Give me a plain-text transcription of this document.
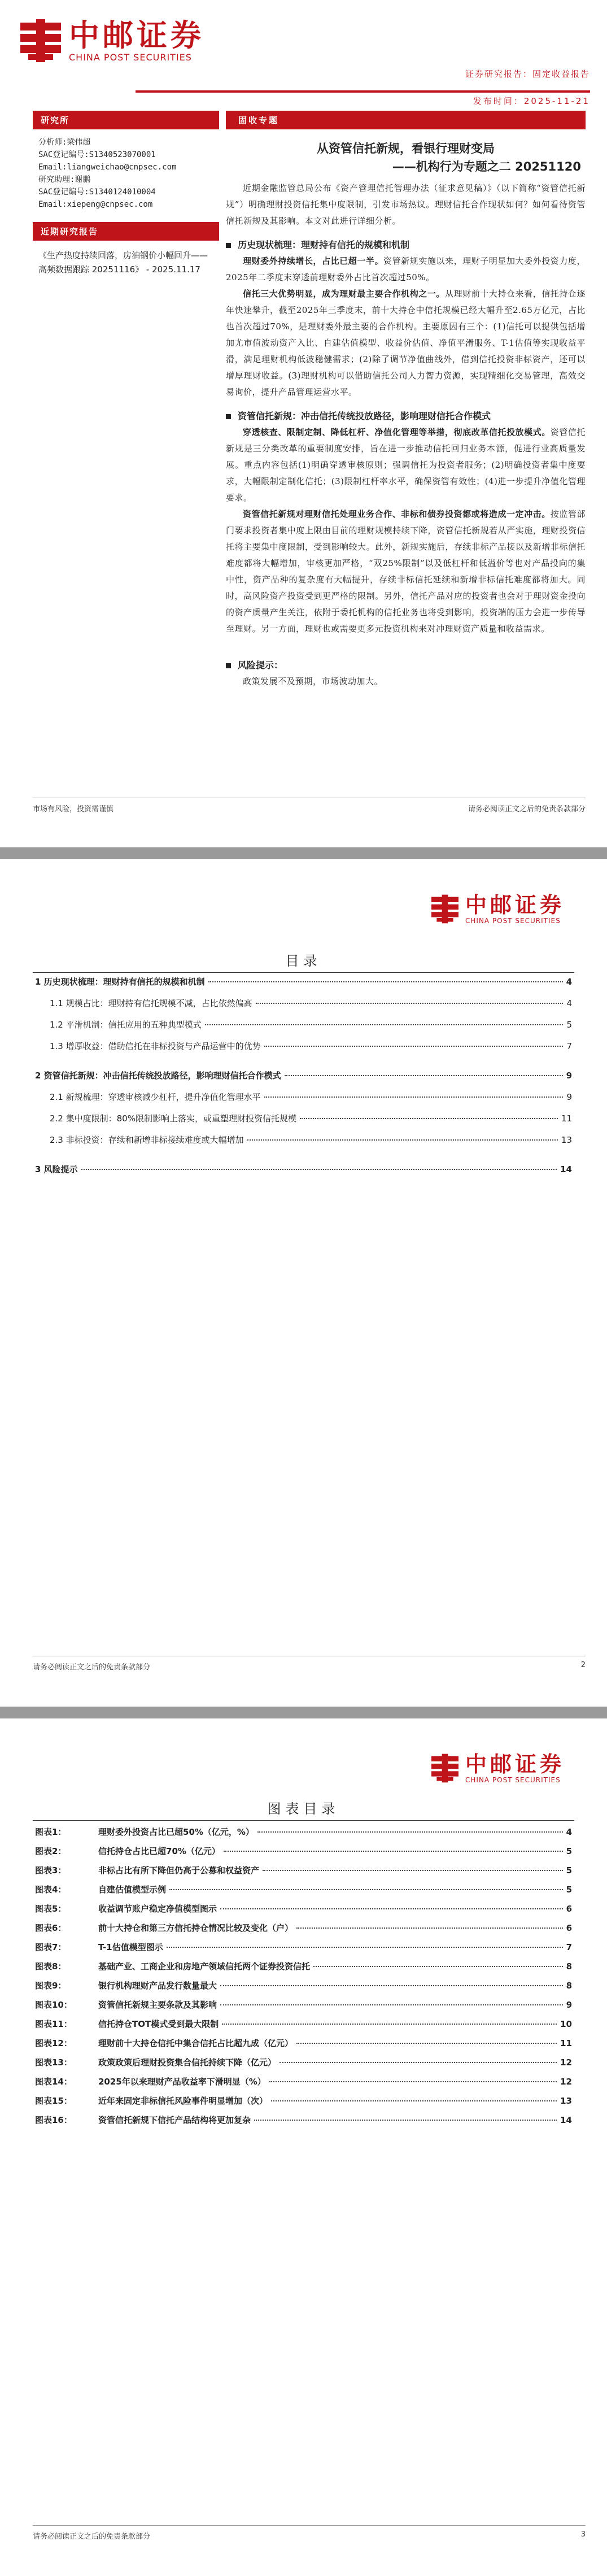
中邮证券
CHINA POST SECURITIES
证券研究报告：固定收益报告
发布时间：2025-11-21
研究所
分析师:梁伟超
SAC登记编号:S1340523070001
Email:liangweichao@cnpsec.com
研究助理:谢鹏
SAC登记编号:S1340124010004
Email:xiepeng@cnpsec.com
近期研究报告
《生产热度持续回落，房油钢价小幅回升——高频数据跟踪 20251116》 - 2025.11.17
固收专题
从资管信托新规，看银行理财变局
——机构行为专题之二 20251120

近期金融监管总局公布《资产管理信托管理办法（征求意见稿）》（以下简称“资管信托新规”）明确理财投资信托集中度限制，引发市场热议。理财信托合作现状如何？如何看待资管信托新规及其影响。本文对此进行详细分析。

历史现状梳理：理财持有信托的规模和机制

理财委外持续增长，占比已超一半。资管新规实施以来，理财子明显加大委外投资力度，2025年二季度末穿透前理财委外占比首次超过50%。

信托三大优势明显，成为理财最主要合作机构之一。从理财前十大持仓来看，信托持仓逐年快速攀升，截至2025年三季度末，前十大持仓中信托规模已经大幅升至2.65万亿元，占比也首次超过70%，是理财委外最主要的合作机构。主要原因有三个：(1)信托可以提供包括增加尤市值波动资产入比、自建估值模型、收益价估值、净值平滑服务、T-1估值等实现收益平滑，满足理财机构低波稳健需求；(2)除了调节净值曲线外，借到信托投资非标资产，还可以增厚理财收益。(3)理财机构可以借助信托公司人力智力资源，实现精细化交易管理，高效交易询价，提升产品管理运营水平。

资管信托新规：冲击信托传统投放路径，影响理财信托合作模式

穿透核查、限制定制、降低杠杆、净值化管理等举措，彻底改革信托投放模式。资管信托新规是三分类改革的重要制度安排，旨在进一步推动信托回归业务本源，促进行业高质量发展。重点内容包括(1)明确穿透审核原则；强调信托为投资者服务；(2)明确投资者集中度要求，大幅限制定制化信托；(3)限制杠杆率水平，确保资管有效性；(4)进一步提升净值化管理要求。

资管信托新规对理财信托处理业务合作、非标和债券投资都或将造成一定冲击。按监管部门要求投资者集中度上限由目前的理财规模持续下降，资管信托新规若从严实施，理财投资信托将主要集中度限制，受到影响较大。此外，新规实施后，存续非标产品接以及新增非标信托难度都将大幅增加，审核更加严格，“双25%限制”以及低杠杆和低溢价等也对产品投向的集中性，资产品种的复杂度有大幅提升，存续非标信托延续和新增非标信托难度都将加大。同时，高风险资产投资受到更严格的限制。另外，信托产品对应的投资者也会对于理财资金投向的资产质量产生关注，依附于委托机构的信托业务也将受到影响，投资端的压力会进一步传导至理财。另一方面，理财也或需要更多元投资机构来对冲理财资产质量和收益需求。

风险提示：

政策发展不及预期，市场波动加大。

市场有风险，投资需谨慎	请务必阅读正文之后的免责条款部分
中邮证券
CHINA POST SECURITIES
目录
1 历史现状梳理：理财持有信托的规模和机制	4
1.1 规模占比：理财持有信托规模不减，占比依然偏高	4
1.2 平滑机制：信托应用的五种典型模式	5
1.3 增厚收益：借助信托在非标投资与产品运营中的优势	7
2 资管信托新规：冲击信托传统投放路径，影响理财信托合作模式	9
2.1 新规梳理：穿透审核减少杠杆，提升净值化管理水平	9
2.2 集中度限制：80%限制影响上落实，或重塑理财投资信托规模	11
2.3 非标投资：存续和新增非标接续难度或大幅增加	13
3 风险提示	14
请务必阅读正文之后的免责条款部分	2
中邮证券
CHINA POST SECURITIES
图表目录
图表1：	理财委外投资占比已超50%（亿元，%）	4
图表2：	信托持仓占比已超70%（亿元）	5
图表3：	非标占比有所下降但仍高于公募和权益资产	5
图表4：	自建估值模型示例	5
图表5：	收益调节账户稳定净值模型图示	6
图表6：	前十大持仓和第三方信托持仓情况比较及变化（户）	6
图表7：	T-1估值模型图示	7
图表8：	基础产业、工商企业和房地产领域信托两个证券投资信托	8
图表9：	银行机构理财产品发行数量最大	8
图表10：	资管信托新规主要条款及其影响	9
图表11：	信托持仓TOT模式受到最大限制	10
图表12：	理财前十大持仓信托中集合信托占比超九成（亿元）	11
图表13：	政策政策后理财投资集合信托持续下降（亿元）	12
图表14：	2025年以来理财产品收益率下滑明显（%）	12
图表15：	近年来固定非标信托风险事件明显增加（次）	13
图表16：	资管信托新规下信托产品结构将更加复杂	14
请务必阅读正文之后的免责条款部分	3
